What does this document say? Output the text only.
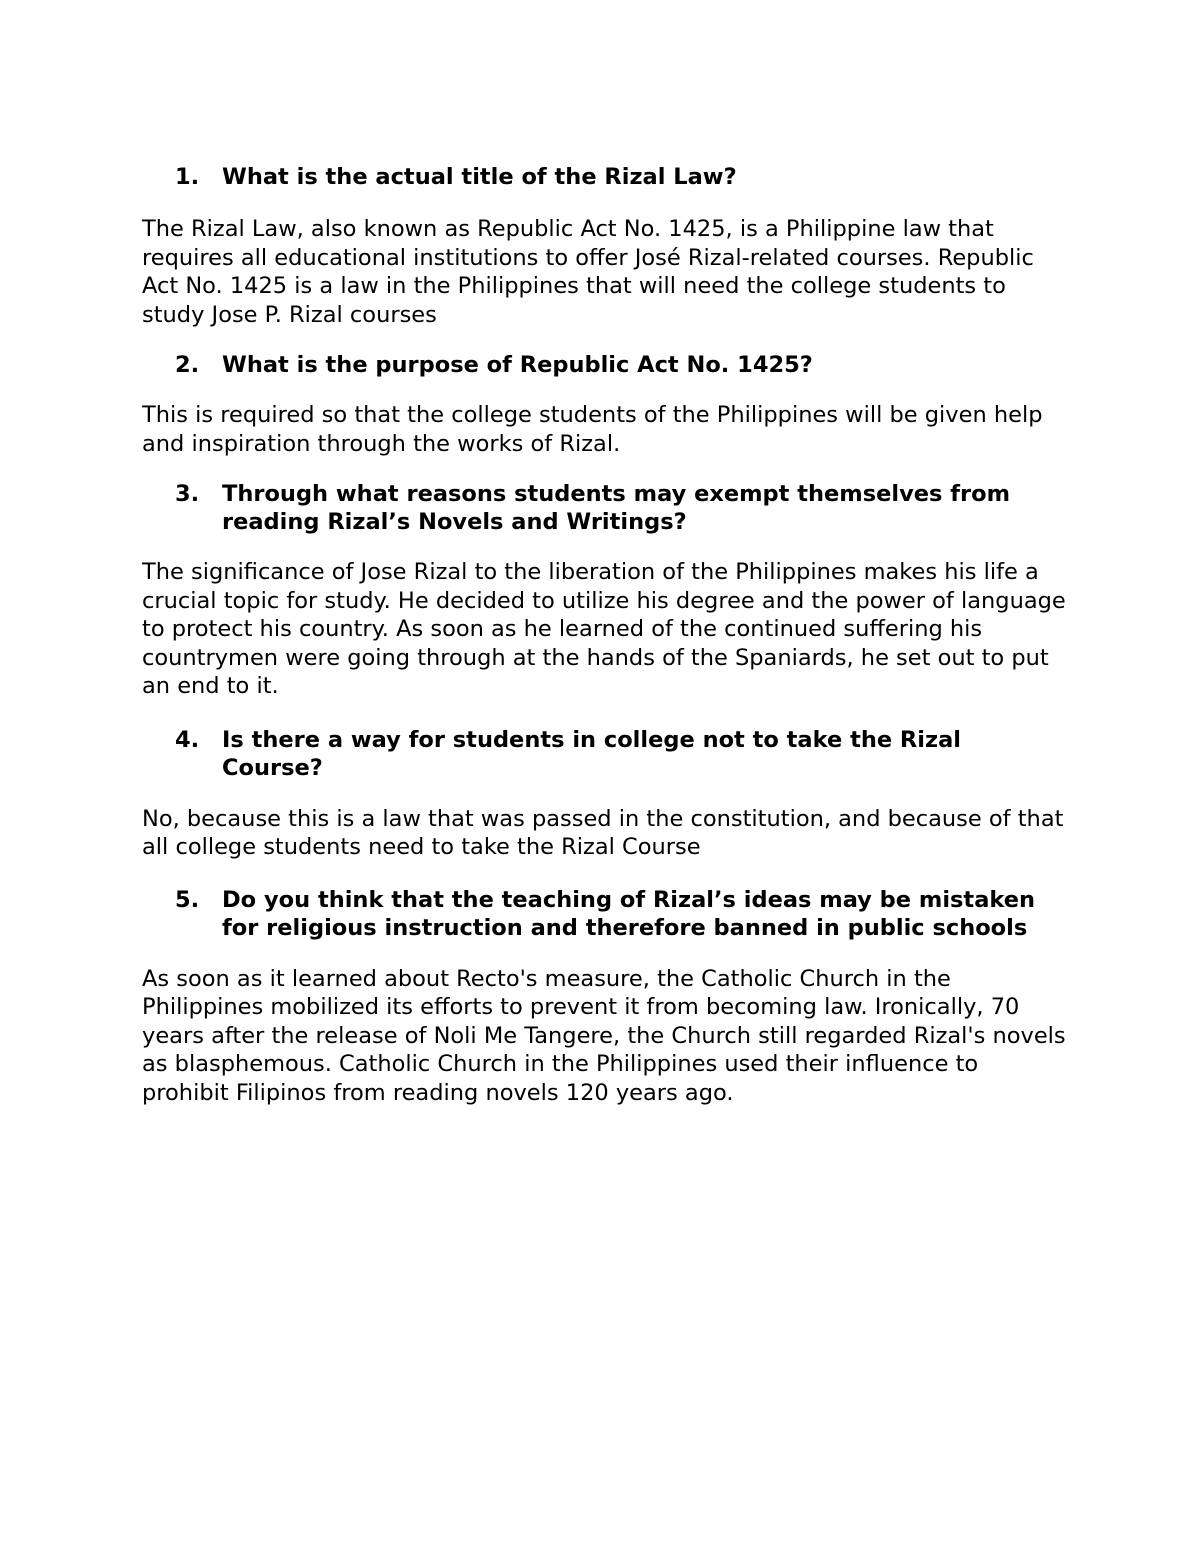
1.	What is the actual title of the Rizal Law?

The Rizal Law, also known as Republic Act No. 1425, is a Philippine law that requires all educational institutions to offer José Rizal-related courses. Republic Act No. 1425 is a law in the Philippines that will need the college students to study Jose P. Rizal courses

2.	What is the purpose of Republic Act No. 1425?

This is required so that the college students of the Philippines will be given help and inspiration through the works of Rizal.

3.	Through what reasons students may exempt themselves from reading Rizal’s Novels and Writings?

The significance of Jose Rizal to the liberation of the Philippines makes his life a crucial topic for study. He decided to utilize his degree and the power of language to protect his country. As soon as he learned of the continued suffering his countrymen were going through at the hands of the Spaniards, he set out to put an end to it.

4.	Is there a way for students in college not to take the Rizal Course?

No, because this is a law that was passed in the constitution, and because of that all college students need to take the Rizal Course

5.	Do you think that the teaching of Rizal’s ideas may be mistaken for religious instruction and therefore banned in public schools

As soon as it learned about Recto's measure, the Catholic Church in the Philippines mobilized its efforts to prevent it from becoming law. Ironically, 70 years after the release of Noli Me Tangere, the Church still regarded Rizal's novels as blasphemous. Catholic Church in the Philippines used their influence to prohibit Filipinos from reading novels 120 years ago.
